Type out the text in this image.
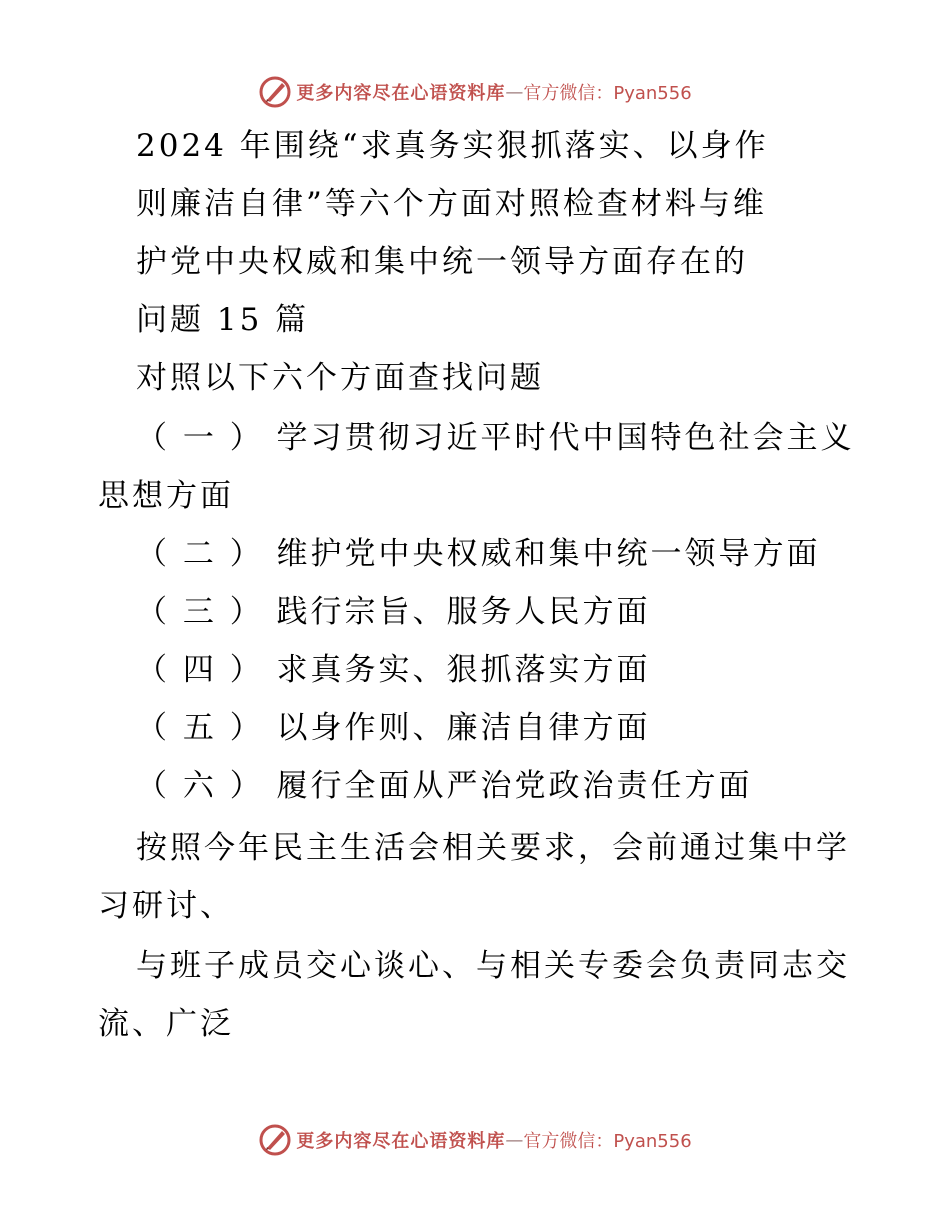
更多内容尽在心语资料库 — 官方微信：Pyan556
2024 年围绕“求真务实狠抓落实、以身作
则廉洁自律”等六个方面对照检查材料与维
护党中央权威和集中统一领导方面存在的
问题 15 篇
对照以下六个方面查找问题
（ 一 ） 学习贯彻习近平时代中国特色社会主义
思想方面
（ 二 ） 维护党中央权威和集中统一领导方面
（ 三 ） 践行宗旨、服务人民方面
（ 四 ） 求真务实、狠抓落实方面
（ 五 ） 以身作则、廉洁自律方面
（ 六 ） 履行全面从严治党政治责任方面
按照今年民主生活会相关要求，会前通过集中学
习研讨、
与班子成员交心谈心、与相关专委会负责同志交
流、广泛
更多内容尽在心语资料库 — 官方微信：Pyan556
